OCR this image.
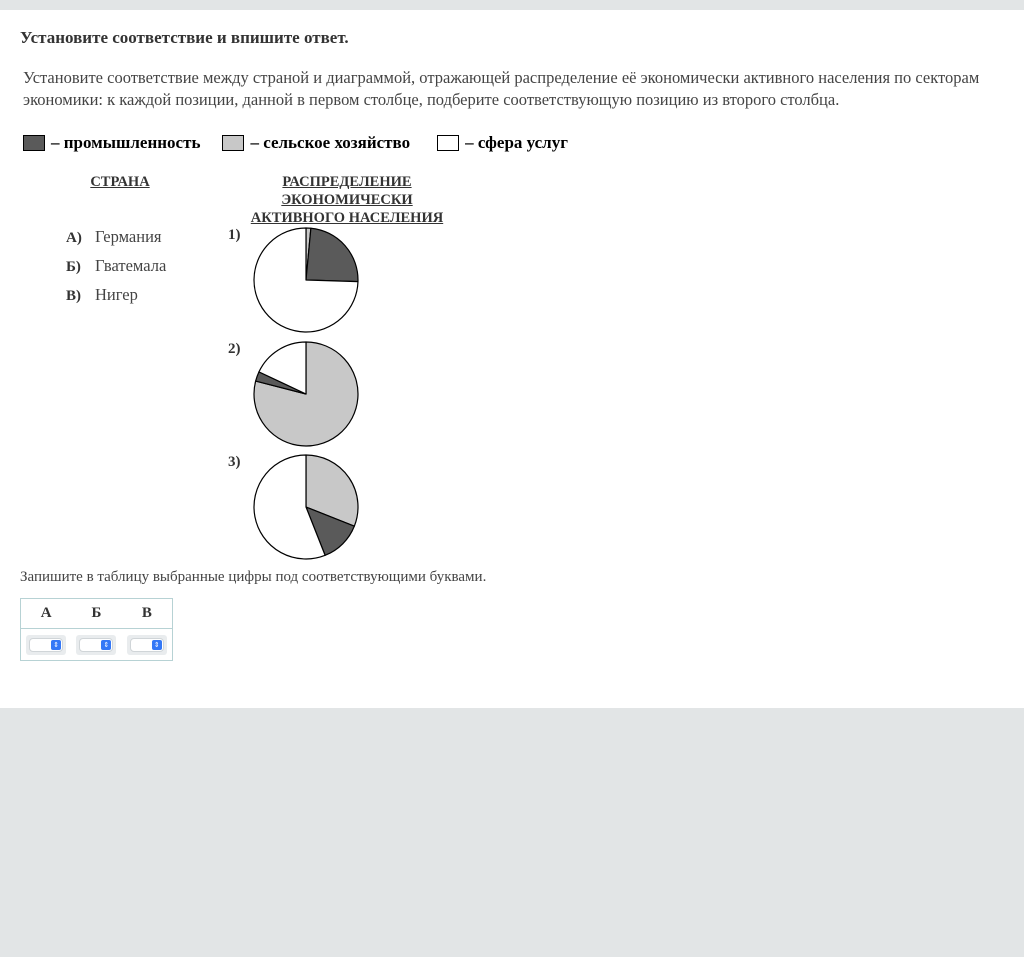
Установите соответствие и впишите ответ.
Установите соответствие между страной и диаграммой, отражающей распределение её экономически активного населения по секторам экономики: к каждой позиции, данной в первом столбце, подберите соответствующую позицию из второго столбца.
– промышленность	– сельское хозяйство	– сфера услуг
СТРАНА	РАСПРЕДЕЛЕНИЕ
ЭКОНОМИЧЕСКИ
АКТИВНОГО НАСЕЛЕНИЯ
А) Германия
Б) Гватемала
В) Нигер
1)
2)
3)
Запишите в таблицу выбранные цифры под соответствующими буквами.
А	Б	В
⇕	⇕	⇕
